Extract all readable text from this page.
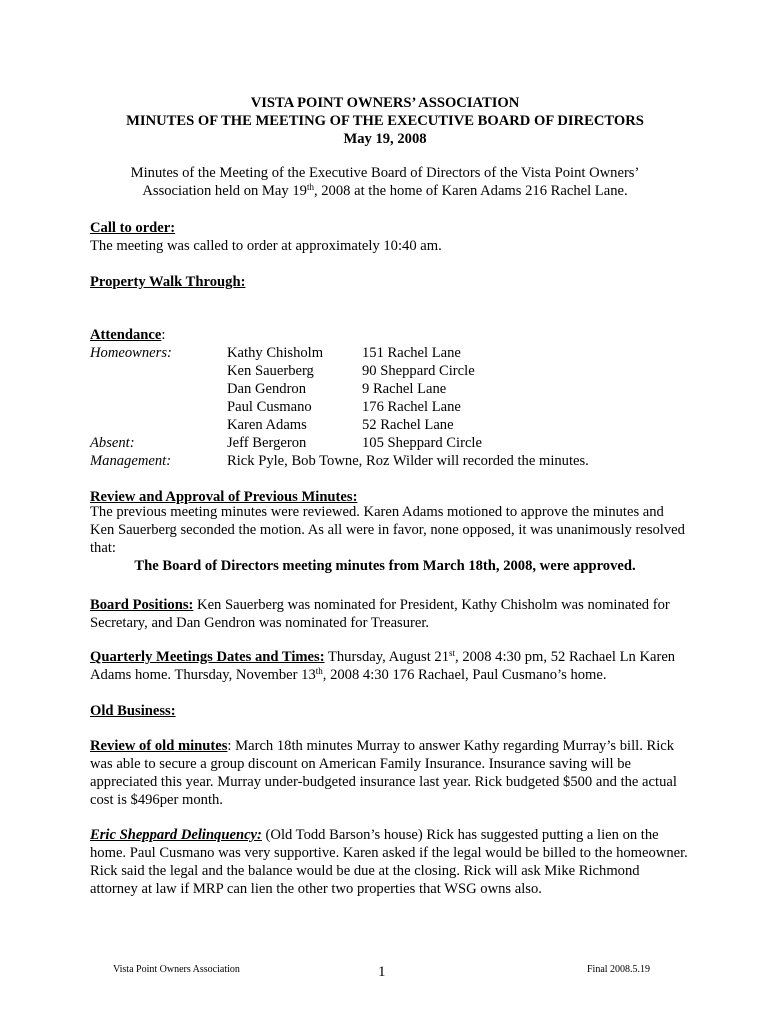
VISTA POINT OWNERS’ ASSOCIATION
MINUTES OF THE MEETING OF THE EXECUTIVE BOARD OF DIRECTORS
May 19, 2008
Minutes of the Meeting of the Executive Board of Directors of the Vista Point Owners’
Association held on May 19th, 2008 at the home of Karen Adams 216 Rachel Lane.
Call to order:
The meeting was called to order at approximately 10:40 am.
Property Walk Through:
Attendance:
Homeowners:	Kathy Chisholm	151 Rachel Lane
Ken Sauerberg	90 Sheppard Circle
Dan Gendron	9 Rachel Lane
Paul Cusmano	176 Rachel Lane
Karen Adams	52 Rachel Lane
Absent:	Jeff Bergeron	105 Sheppard Circle
Management:	Rick Pyle, Bob Towne, Roz Wilder will recorded the minutes.
Review and Approval of Previous Minutes:
The previous meeting minutes were reviewed. Karen Adams motioned to approve the minutes and Ken Sauerberg seconded the motion. As all were in favor, none opposed, it was unanimously resolved that:
The Board of Directors meeting minutes from March 18th, 2008, were approved.
Board Positions: Ken Sauerberg was nominated for President, Kathy Chisholm was nominated for Secretary, and Dan Gendron was nominated for Treasurer.
Quarterly Meetings Dates and Times: Thursday, August 21st, 2008 4:30 pm, 52 Rachael Ln Karen Adams home. Thursday, November 13th, 2008 4:30 176 Rachael, Paul Cusmano’s home.
Old Business:
Review of old minutes: March 18th minutes Murray to answer Kathy regarding Murray’s bill. Rick was able to secure a group discount on American Family Insurance. Insurance saving will be appreciated this year. Murray under-budgeted insurance last year. Rick budgeted $500 and the actual cost is $496per month.
Eric Sheppard Delinquency: (Old Todd Barson’s house) Rick has suggested putting a lien on the home. Paul Cusmano was very supportive. Karen asked if the legal would be billed to the homeowner. Rick said the legal and the balance would be due at the closing. Rick will ask Mike Richmond attorney at law if MRP can lien the other two properties that WSG owns also.
Vista Point Owners Association	1	Final 2008.5.19
